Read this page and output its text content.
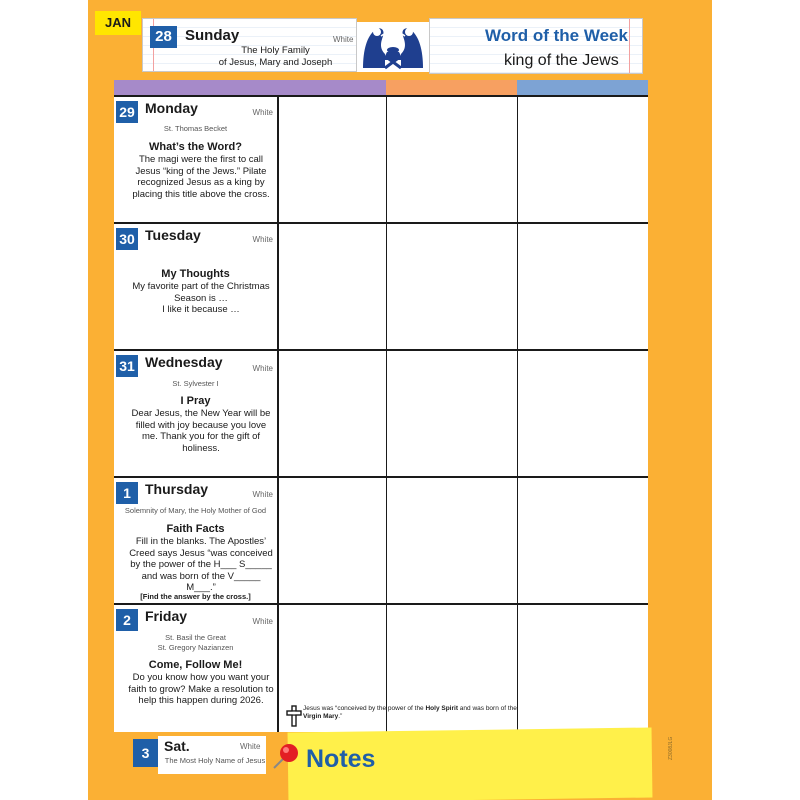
JAN
28 Sunday	White
The Holy Family
of Jesus, Mary and Joseph
Word of the Week
king of the Jews
29 Monday	White
St. Thomas Becket
What’s the Word?
The magi were the first to call Jesus “king of the Jews.” Pilate recognized Jesus as a king by placing this title above the cross.
30 Tuesday	White
My Thoughts
My favorite part of the Christmas Season is …
I like it because …
31 Wednesday	White
St. Sylvester I
I Pray
Dear Jesus, the New Year will be filled with joy because you love me. Thank you for the gift of holiness.
1	Thursday	White
Solemnity of Mary, the Holy Mother of God
Faith Facts
Fill in the blanks. The Apostles’ Creed says Jesus “was conceived by the power of the H___ S_____ and was born of the V_____ M___.”
[Find the answer by the cross.]
2	Friday	White
St. Basil the Great
St. Gregory Nazianzen
Come, Follow Me!
Do you know how you want your faith to grow? Make a resolution to help this happen during 2026.
Jesus was “conceived by the power of the Holy Spirit and was born of the
Virgin Mary.”
3	Sat.	White
The Most Holy Name of Jesus Notes	Z3008JLG
